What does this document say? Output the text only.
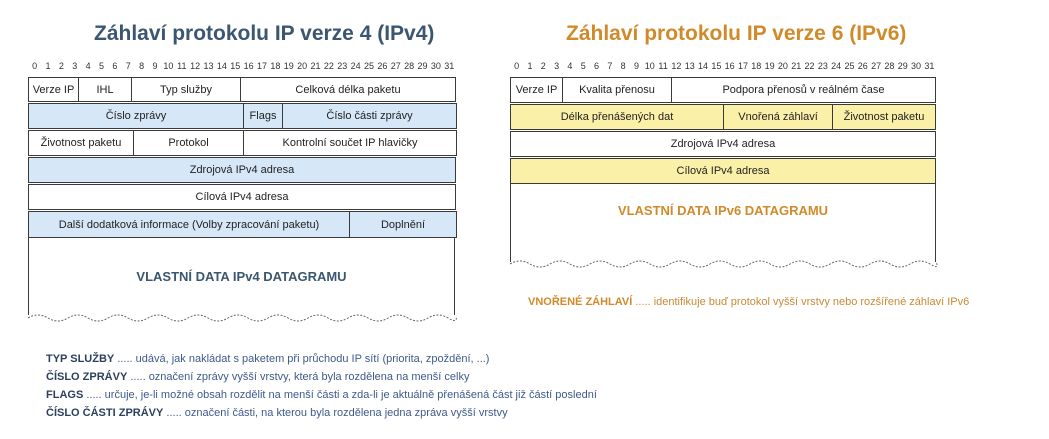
Záhlaví protokolu IP verze 4 (IPv4)	Záhlaví protokolu IP verze 6 (IPv6)
0 1 2 3 4 5 6 7 8 9 10 11 12 13 14 15 16 17 18 19 20 21 22 23 24 25 26 27 28 29 30 31	0 1 2 3 4 5 6 7 8 9 10 11 12 13 14 15 16 17 18 19 20 21 22 23 24 25 26 27 28 29 30 31
Verze IP	IHL	Typ služby	Celková délka paketu
Číslo zprávy	Flags	Číslo části zprávy
Životnost paketu	Protokol	Kontrolní součet IP hlavičky
Zdrojová IPv4 adresa
Cílová IPv4 adresa
Další dodatková informace (Volby zpracování paketu)	Doplnění
VLASTNÍ DATA IPv4 DATAGRAMU
Verze IP	Kvalita přenosu	Podpora přenosů v reálném čase
Délka přenášených dat	Vnořená záhlaví	Životnost paketu
Zdrojová IPv4 adresa
Cílová IPv4 adresa
VLASTNÍ DATA IPv6 DATAGRAMU
VNOŘENÉ ZÁHLAVÍ ..... identifikuje buď protokol vyšší vrstvy nebo rozšířené záhlaví IPv6
TYP SLUŽBY ..... udává, jak nakládat s paketem při průchodu IP sítí (priorita, zpoždění, ...)
ČÍSLO ZPRÁVY ..... označení zprávy vyšší vrstvy, která byla rozdělena na menší celky
FLAGS ..... určuje, je-li možné obsah rozdělit na menší části a zda-li je aktuálně přenášená část již částí poslední
ČÍSLO ČÁSTI ZPRÁVY ..... označení části, na kterou byla rozdělena jedna zpráva vyšší vrstvy
